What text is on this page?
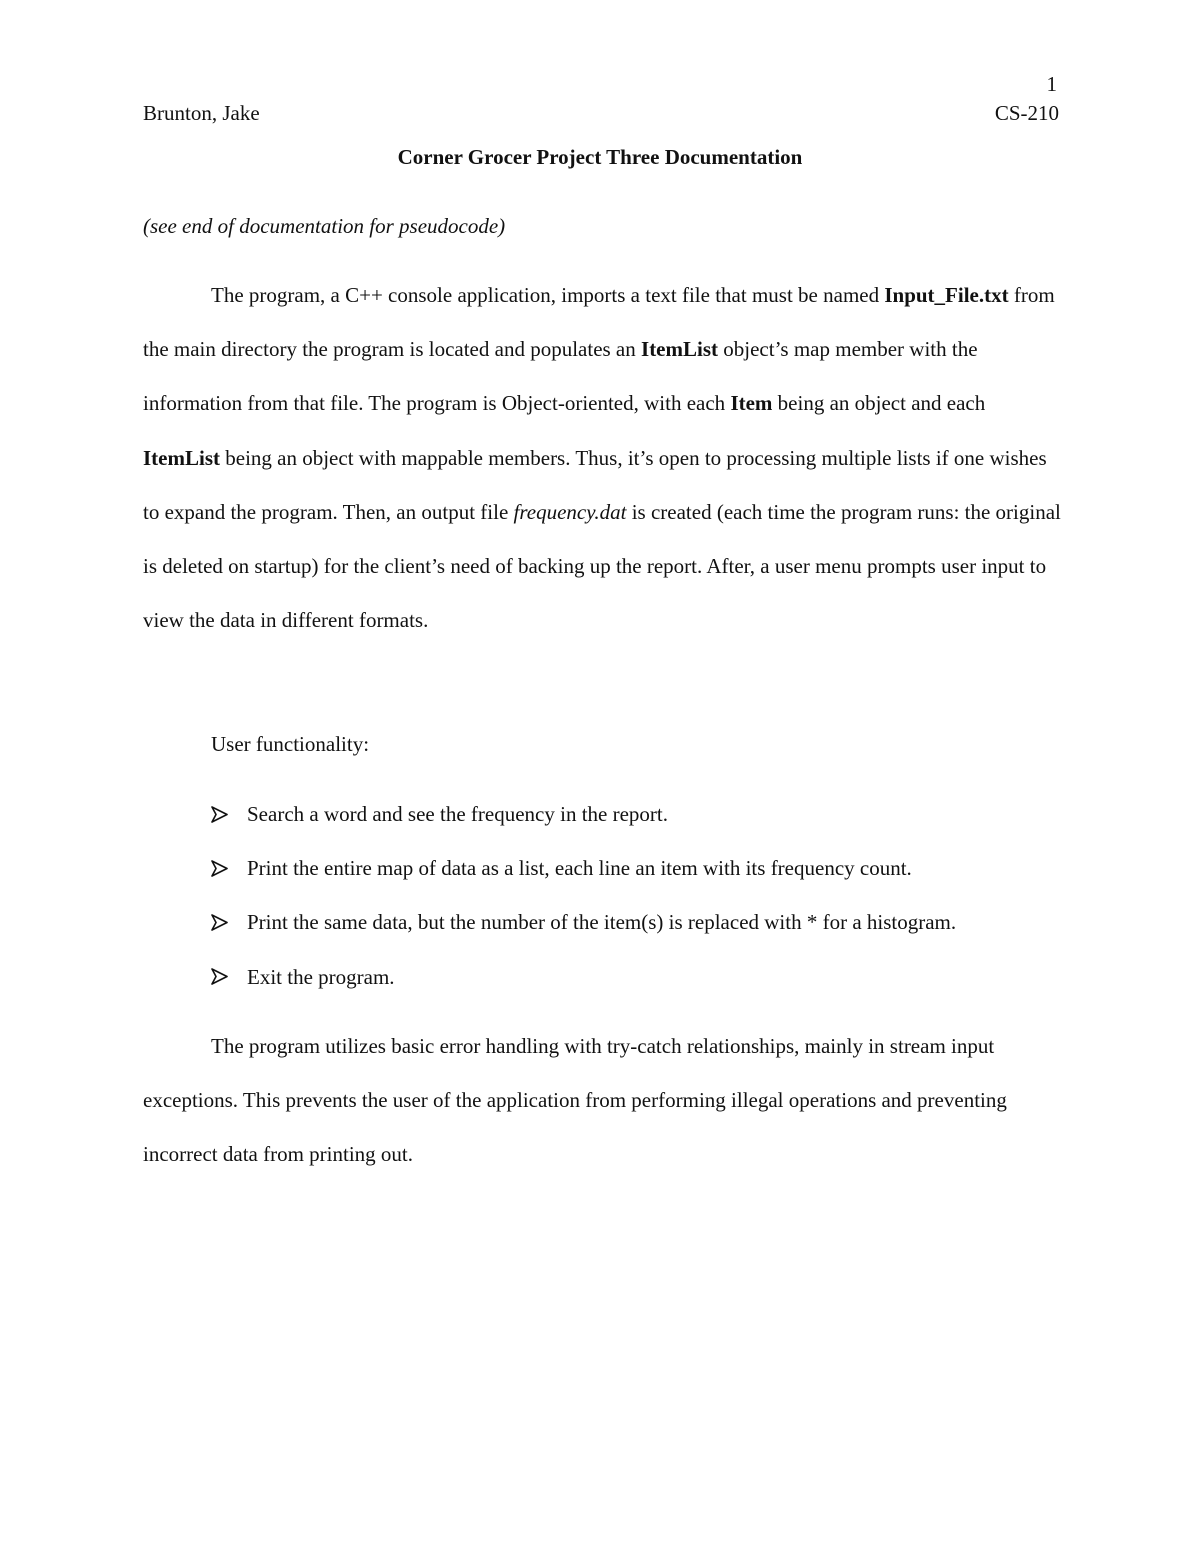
1
Brunton, Jake	CS-210
Corner Grocer Project Three Documentation
(see end of documentation for pseudocode)

The program, a C++ console application, imports a text file that must be named Input_File.txt from the main directory the program is located and populates an ItemList object’s map member with the information from that file. The program is Object-oriented, with each Item being an object and each ItemList being an object with mappable members. Thus, it’s open to processing multiple lists if one wishes to expand the program. Then, an output file frequency.dat is created (each time the program runs: the original is deleted on startup) for the client’s need of backing up the report. After, a user menu prompts user input to view the data in different formats.

User functionality:

Search a word and see the frequency in the report.
Print the entire map of data as a list, each line an item with its frequency count.
Print the same data, but the number of the item(s) is replaced with * for a histogram.
Exit the program.

The program utilizes basic error handling with try-catch relationships, mainly in stream input exceptions. This prevents the user of the application from performing illegal operations and preventing incorrect data from printing out.
